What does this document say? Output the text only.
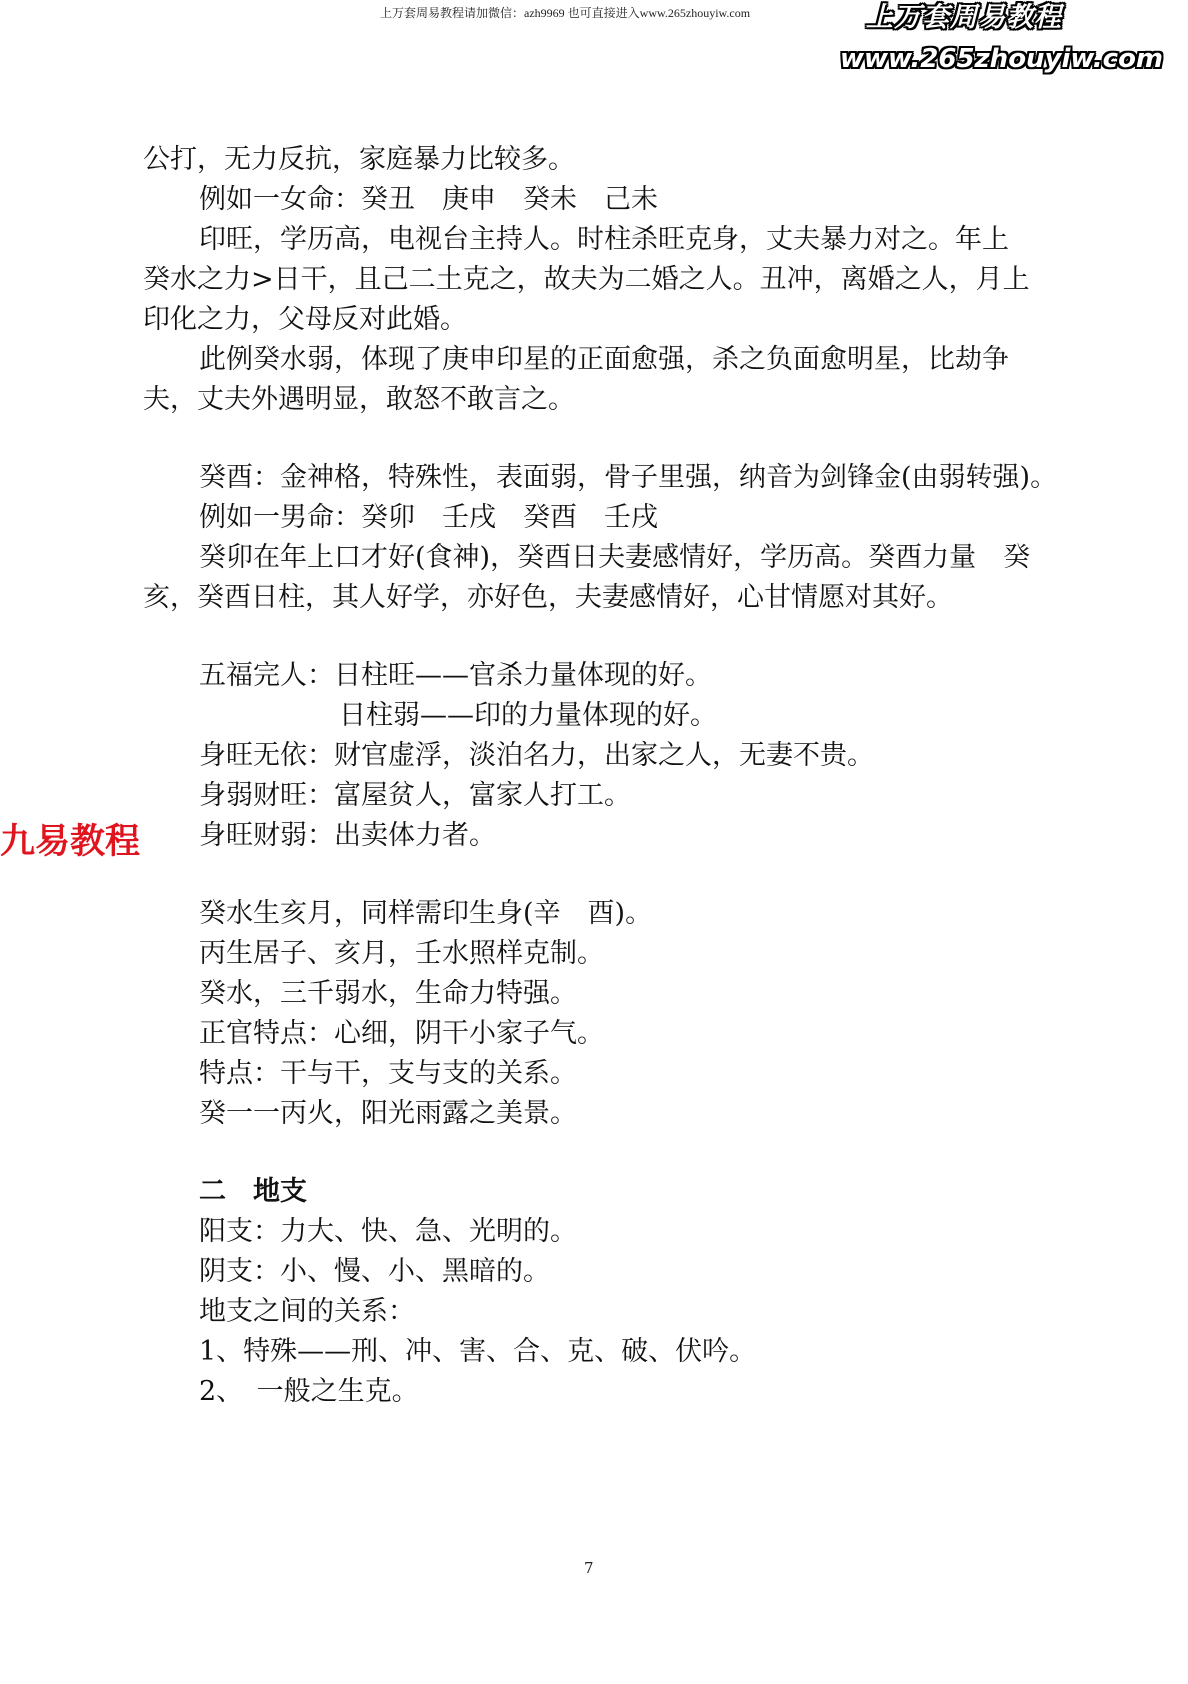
上万套周易教程请加微信：azh9969 也可直接进入www.265zhouyiw.com	上万套周易教程
www.265zhouyiw.com
九易教程
公打，无力反抗，家庭暴力比较多。
例如一女命：癸丑　庚申　癸未　己未
印旺，学历高，电视台主持人。时柱杀旺克身，丈夫暴力对之。年上
癸水之力>日干，且己二土克之，故夫为二婚之人。丑冲，离婚之人，月上
印化之力，父母反对此婚。
此例癸水弱，体现了庚申印星的正面愈强，杀之负面愈明星，比劫争
夫，丈夫外遇明显，敢怒不敢言之。
癸酉：金神格，特殊性，表面弱，骨子里强，纳音为剑锋金(由弱转强)。
例如一男命：癸卯　壬戌　癸酉　壬戌
癸卯在年上口才好(食神)，癸酉日夫妻感情好，学历高。癸酉力量　癸
亥，癸酉日柱，其人好学，亦好色，夫妻感情好，心甘情愿对其好。
五福完人：日柱旺——官杀力量体现的好。
日柱弱——印的力量体现的好。
身旺无依：财官虚浮，淡泊名力，出家之人，无妻不贵。
身弱财旺：富屋贫人，富家人打工。
身旺财弱：出卖体力者。
癸水生亥月，同样需印生身(辛　酉)。
丙生居子、亥月，壬水照样克制。
癸水，三千弱水，生命力特强。
正官特点：心细，阴干小家子气。
特点：干与干，支与支的关系。
癸一一丙火，阳光雨露之美景。
二　地支
阳支：力大、快、急、光明的。
阴支：小、慢、小、黑暗的。
地支之间的关系：
1、特殊——刑、冲、害、合、克、破、伏吟。
2、　一般之生克。
7
